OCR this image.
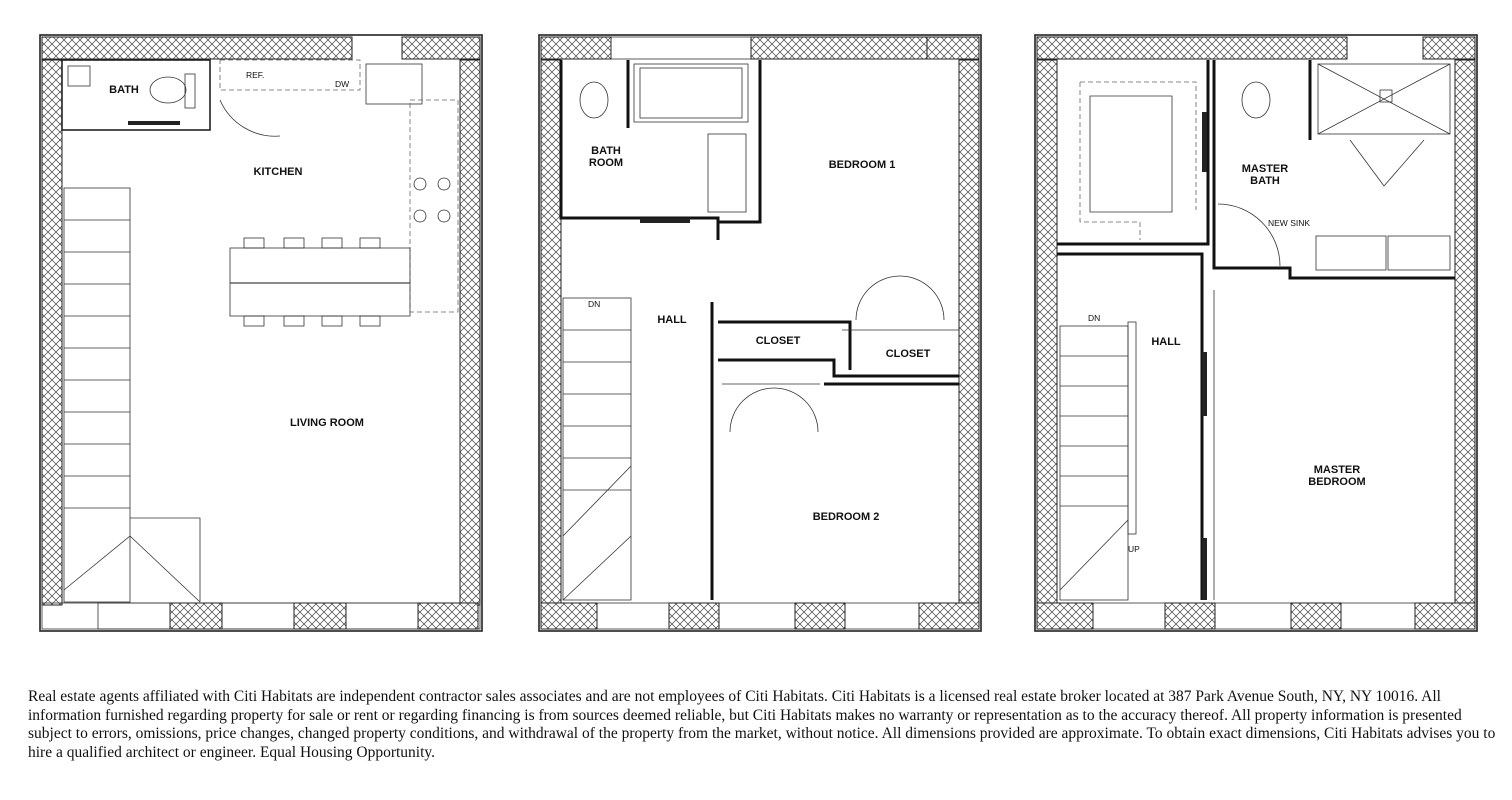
BATH
REF.
DW
KITCHEN
LIVING ROOM
BATH
ROOM	BEDROOM 1
DN
HALL
CLOSET
CLOSET
BEDROOM 2
MASTER
BATH
NEW SINK
DN
HALL
MASTER
BEDROOM
UP

Real estate agents affiliated with Citi Habitats are independent contractor sales associates and are not employees of Citi Habitats. Citi Habitats is a licensed real estate broker located at 387 Park Avenue South, NY, NY 10016. All information furnished regarding property for sale or rent or regarding financing is from sources deemed reliable, but Citi Habitats makes no warranty or representation as to the accuracy thereof. All property information is presented subject to errors, omissions, price changes, changed property conditions, and withdrawal of the property from the market, without notice. All dimensions provided are approximate. To obtain exact dimensions, Citi Habitats advises you to hire a qualified architect or engineer. Equal Housing Opportunity.
